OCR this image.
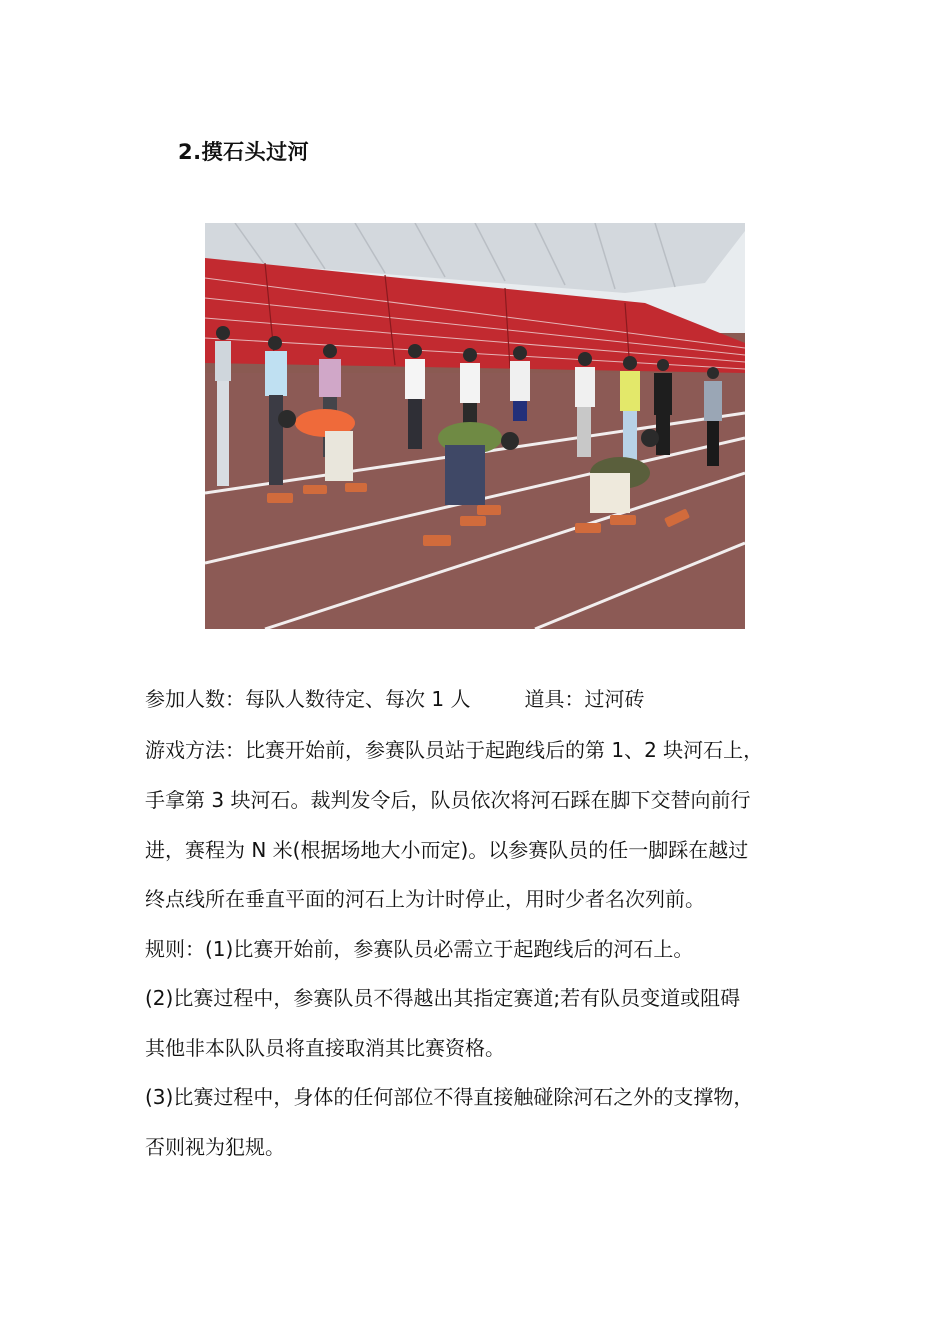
2.摸石头过河
参加人数：每队人数待定、每次 1 人	道具：过河砖
游戏方法：比赛开始前，参赛队员站于起跑线后的第 1、2 块河石上，
手拿第 3 块河石。裁判发令后，队员依次将河石踩在脚下交替向前行
进，赛程为 N 米(根据场地大小而定)。以参赛队员的任一脚踩在越过
终点线所在垂直平面的河石上为计时停止，用时少者名次列前。
规则：(1)比赛开始前，参赛队员必需立于起跑线后的河石上。
(2)比赛过程中，参赛队员不得越出其指定赛道;若有队员变道或阻碍
其他非本队队员将直接取消其比赛资格。
(3)比赛过程中，身体的任何部位不得直接触碰除河石之外的支撑物，
否则视为犯规。
